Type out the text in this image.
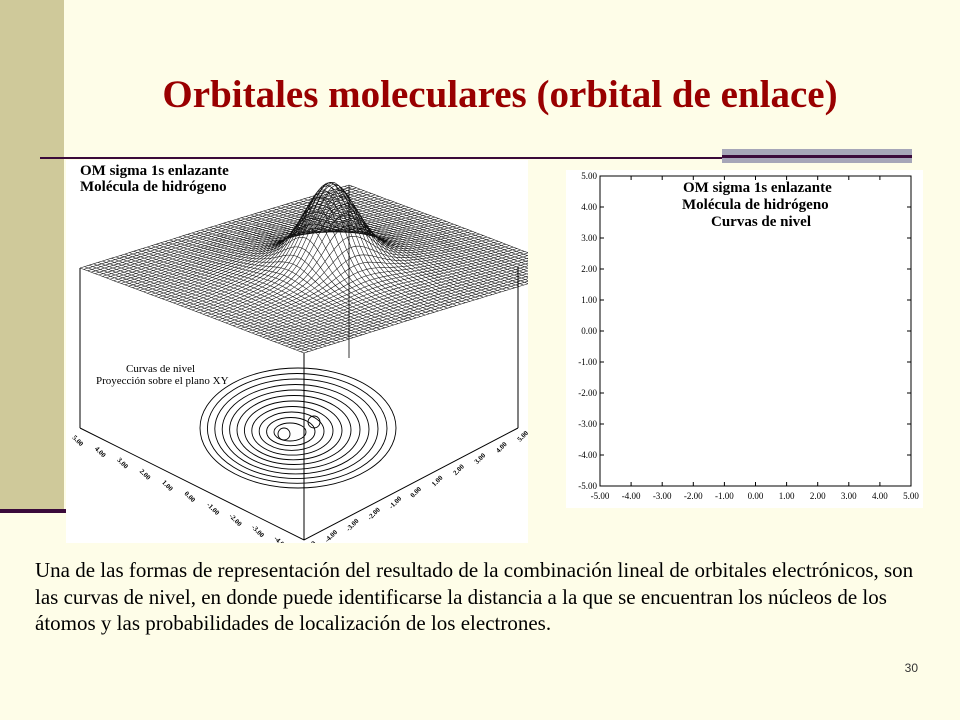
Orbitales moleculares (orbital de enlace)
5.00
4.00
3.00
2.00
1.00
0.00
-1.00
-2.00
-3.00
-4.00	-4.00
-3.00
-2.00
-1.00
0.00
1.00
2.00
3.00
4.00
5.00
OM sigma 1s enlazante
Molécula de hidrógeno
Curvas de nivel
Proyección sobre el plano XY
5.00
4.00
3.00
2.00
1.00
0.00
-1.00
-2.00
-3.00
-4.00
-5.00
-5.00 -4.00 -3.00 -2.00 -1.00 0.00 1.00 2.00 3.00 4.00 5.00
OM sigma 1s enlazante
Molécula de hidrógeno
Curvas de nivel
Una de las formas de representación del resultado de la combinación lineal de orbitales electrónicos, son las curvas de nivel, en donde puede identificarse la distancia a la que se encuentran los núcleos de los átomos y las probabilidades de localización de los electrones.
30
